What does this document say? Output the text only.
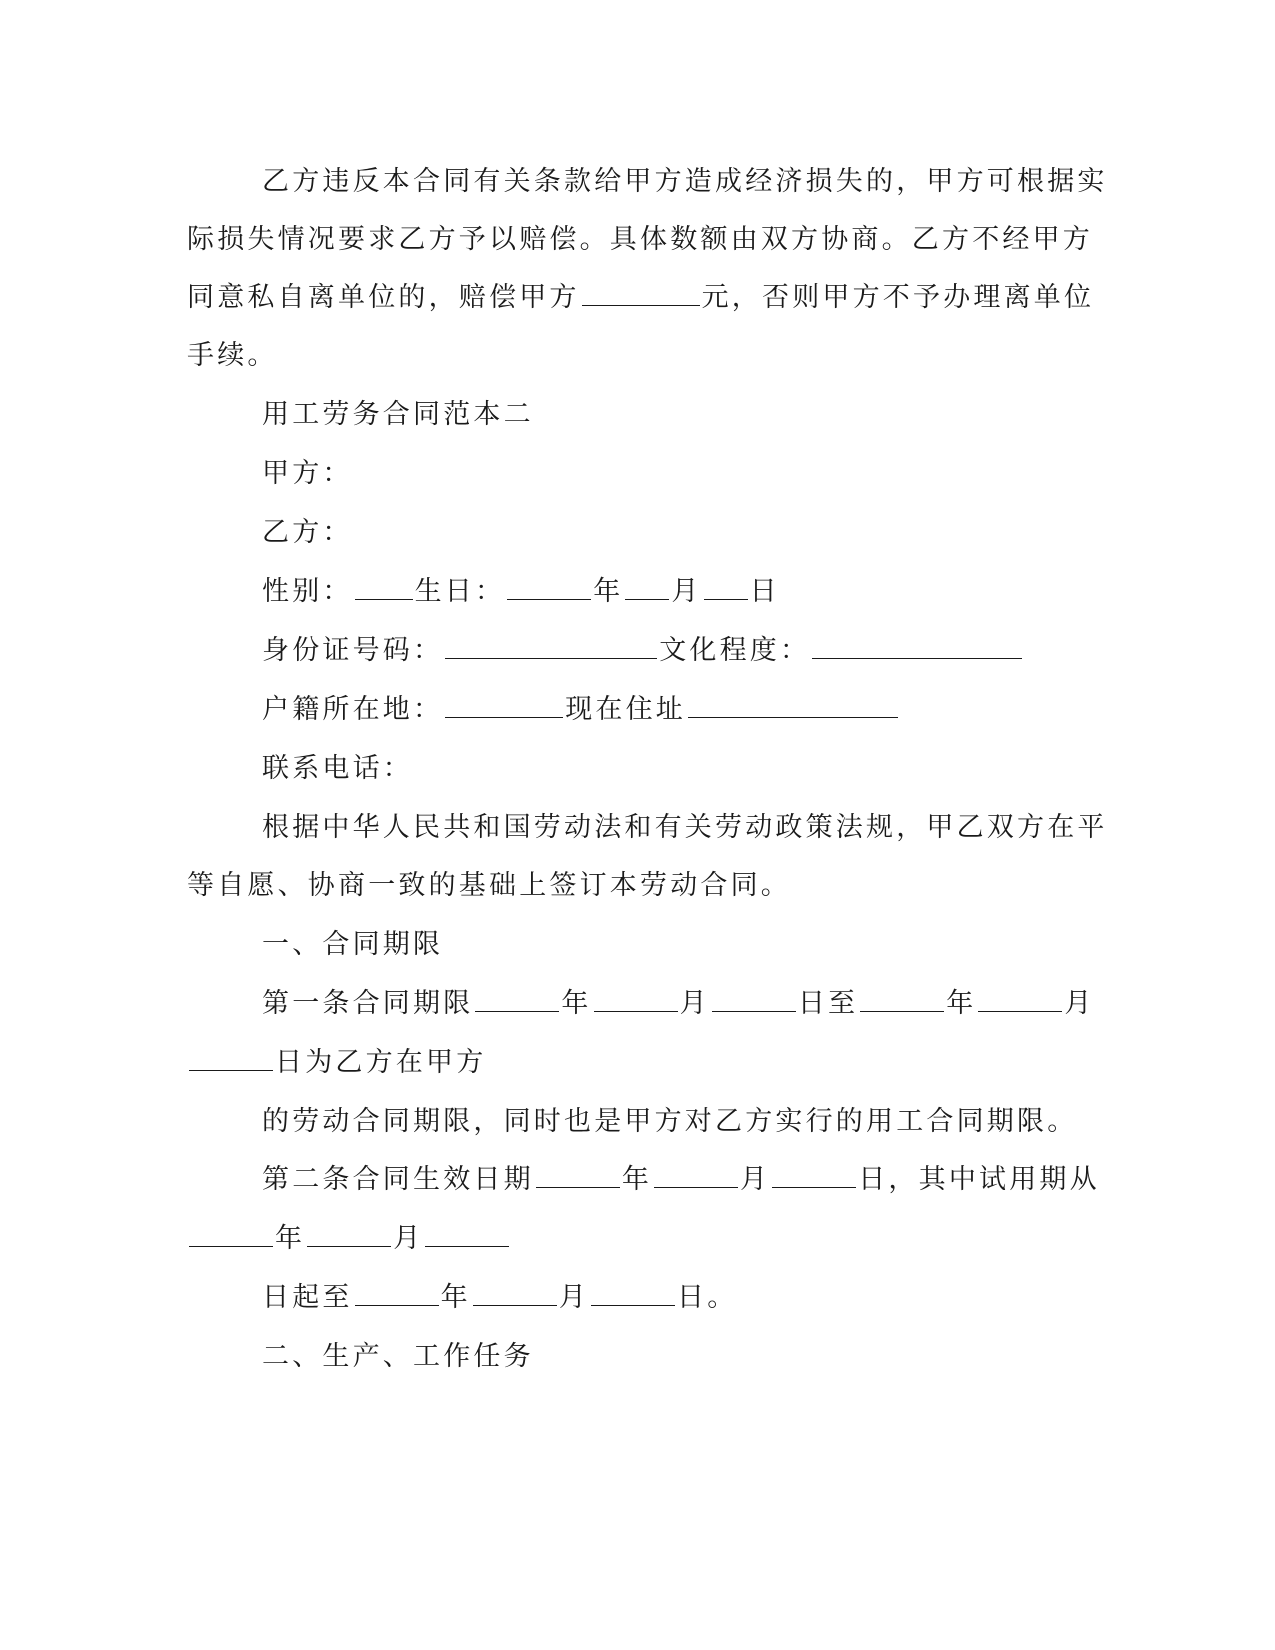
乙方违反本合同有关条款给甲方造成经济损失的，甲方可根据实
际损失情况要求乙方予以赔偿。具体数额由双方协商。乙方不经甲方
同意私自离单位的，赔偿甲方	元，否则甲方不予办理离单位
手续。
用工劳务合同范本二
甲方：
乙方：
性别： 生日：	年 月 日
身份证号码：	文化程度：
户籍所在地：	现在住址
联系电话：
根据中华人民共和国劳动法和有关劳动政策法规，甲乙双方在平
等自愿、协商一致的基础上签订本劳动合同。
一、合同期限
第一条合同期限	年	月	日至	年	月
日为乙方在甲方
的劳动合同期限，同时也是甲方对乙方实行的用工合同期限。
第二条合同生效日期	年	月	日，其中试用期从
年	月
日起至	年	月	日。
二、生产、工作任务
